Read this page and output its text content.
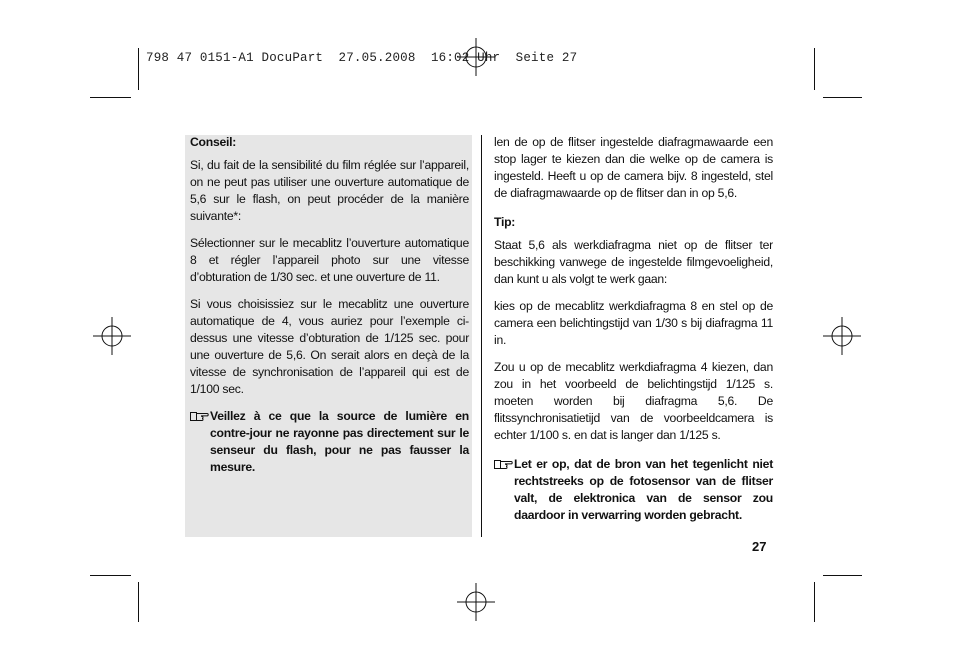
798 47 0151-A1 DocuPart  27.05.2008  16:02 Uhr  Seite 27

Conseil:

Si, du fait de la sensibilité du film réglée sur l’appareil, on ne peut pas utiliser une ouverture automatique de 5,6 sur le flash, on peut procéder de la manière suivante*:

Sélectionner sur le mecablitz l’ouverture automatique 8 et régler l’appareil photo sur une vitesse d’obturation de 1/30 sec. et une ouverture de 11.

Si vous choisissiez sur le mecablitz une ouverture automatique de 4, vous auriez pour l’exemple ci-dessus une vitesse d’obturation de 1/125 sec. pour une ouverture de 5,6. On serait alors en deçà de la vitesse de synchronisation de l’appareil qui est de 1/100 sec.

Veillez à ce que la source de lumière en contre-jour ne rayonne pas directement sur le senseur du flash, pour ne pas fausser la mesure.

len de op de flitser ingestelde diafragmawaarde een stop lager te kiezen dan die welke op de camera is ingesteld. Heeft u op de camera bijv. 8 ingesteld, stel de diafragmawaarde op de flitser dan in op 5,6.

Tip:

Staat 5,6 als werkdiafragma niet op de flitser ter beschikking vanwege de ingestelde filmgevoeligheid, dan kunt u als volgt te werk gaan:

kies op de mecablitz werkdiafragma 8 en stel op de camera een belichtingstijd van 1/30 s bij diafragma 11 in.

Zou u op de mecablitz werkdiafragma 4 kiezen, dan zou in het voorbeeld de belichtingstijd 1/125 s. moeten worden bij diafragma 5,6. De flitssynchronisatietijd van de voorbeeldcamera is echter 1/100 s. en dat is langer dan 1/125 s.

Let er op, dat de bron van het tegenlicht niet rechtstreeks op de fotosensor van de flitser valt, de elektronica van de sensor zou daardoor in verwarring worden gebracht.
27
